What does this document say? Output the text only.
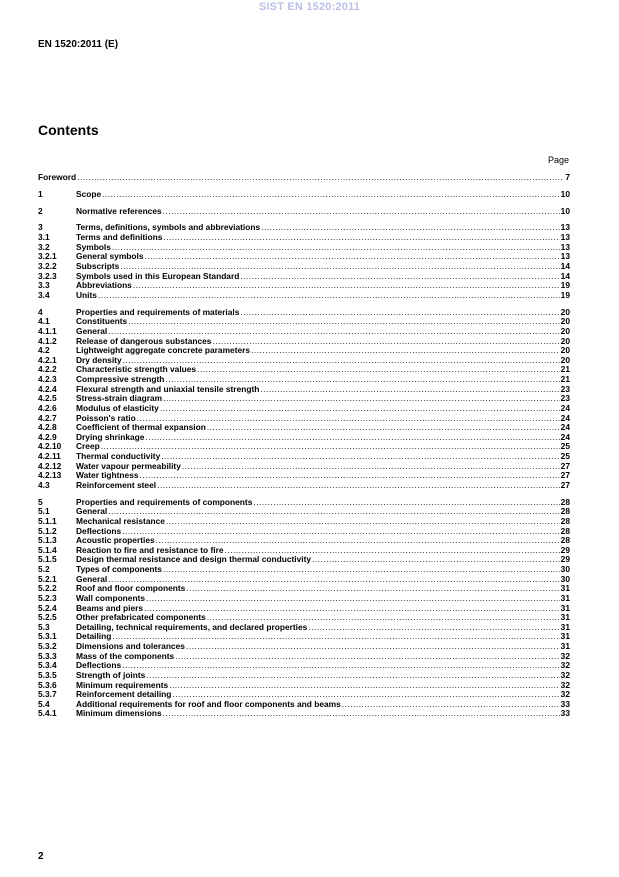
SIST EN 1520:2011
EN 1520:2011 (E)
Contents
Page
Foreword .....	7
1	Scope .....	10
2	Normative references .....	10
3	Terms, definitions, symbols and abbreviations .....	13
3.1	Terms and definitions .....	13
3.2	Symbols .....	13
3.2.1	General symbols .....	13
3.2.2	Subscripts .....	14
3.2.3	Symbols used in this European Standard .....	14
3.3	Abbreviations .....	19
3.4	Units .....	19
4	Properties and requirements of materials .....	20
4.1	Constituents .....	20
4.1.1	General .....	20
4.1.2	Release of dangerous substances .....	20
4.2	Lightweight aggregate concrete parameters .....	20
4.2.1	Dry density .....	20
4.2.2	Characteristic strength values .....	21
4.2.3	Compressive strength .....	21
4.2.4	Flexural strength and uniaxial tensile strength .....	23
4.2.5	Stress-strain diagram .....	23
4.2.6	Modulus of elasticity .....	24
4.2.7	Poisson's ratio .....	24
4.2.8	Coefficient of thermal expansion .....	24
4.2.9	Drying shrinkage .....	24
4.2.10	Creep .....	25
4.2.11	Thermal conductivity .....	25
4.2.12	Water vapour permeability .....	27
4.2.13	Water tightness .....	27
4.3	Reinforcement steel .....	27
5	Properties and requirements of components .....	28
5.1	General .....	28
5.1.1	Mechanical resistance .....	28
5.1.2	Deflections .....	28
5.1.3	Acoustic properties .....	28
5.1.4	Reaction to fire and resistance to fire .....	29
5.1.5	Design thermal resistance and design thermal conductivity .....	29
5.2	Types of components .....	30
5.2.1	General .....	30
5.2.2	Roof and floor components .....	31
5.2.3	Wall components .....	31
5.2.4	Beams and piers .....	31
5.2.5	Other prefabricated components .....	31
5.3	Detailing, technical requirements, and declared properties .....	31
5.3.1	Detailing .....	31
5.3.2	Dimensions and tolerances .....	31
5.3.3	Mass of the components .....	32
5.3.4	Deflections .....	32
5.3.5	Strength of joints .....	32
5.3.6	Minimum requirements .....	32
5.3.7	Reinforcement detailing .....	32
5.4	Additional requirements for roof and floor components and beams .....	33
5.4.1	Minimum dimensions .....	33
2
